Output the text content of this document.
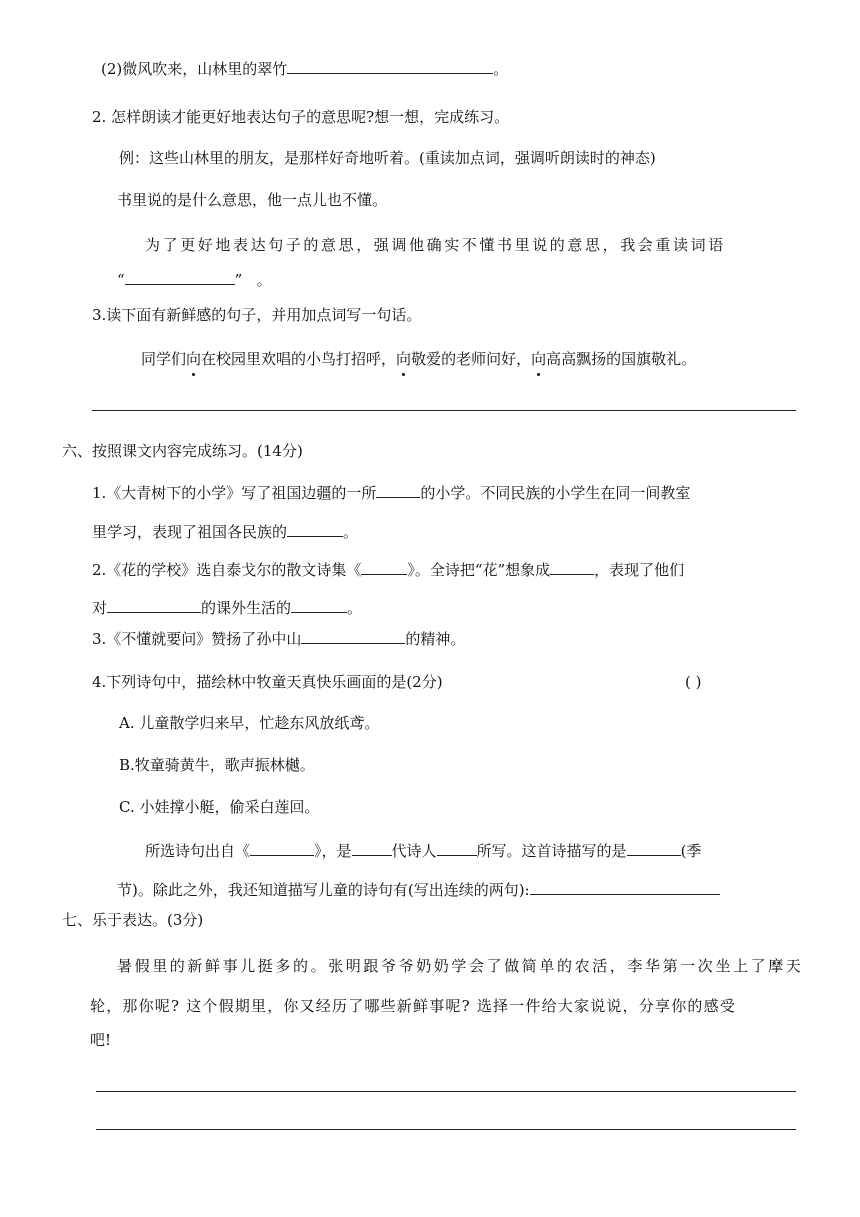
(2)微风吹来，山林里的翠竹	。
2. 怎样朗读才能更好地表达句子的意思呢?想一想，完成练习。
例：这些山林里的朋友，是那样好奇地听着。(重读加点词，强调听朗读时的神态)
书里说的是什么意思，他一点儿也不懂。
为了更好地表达句子的意思，强调他确实不懂书里说的意思，我会重读词语
“	” 。
3.读下面有新鲜感的句子，并用加点词写一句话。
同学们向在校园里欢唱的小鸟打招呼，向敬爱的老师问好，向高高飘扬的国旗敬礼。
六、按照课文内容完成练习。(14分)
1.《大青树下的小学》写了祖国边疆的一所	的小学。不同民族的小学生在同一间教室
里学习，表现了祖国各民族的	。
2.《花的学校》选自泰戈尔的散文诗集《	》。全诗把“花”想象成	，表现了他们
对	的课外生活的	。
3.《不懂就要问》赞扬了孙中山	的精神。
4.下列诗句中，描绘林中牧童天真快乐画面的是(2分)	( )
A. 儿童散学归来早，忙趁东风放纸鸢。
B.牧童骑黄牛，歌声振林樾。
C. 小娃撑小艇，偷采白莲回。
所选诗句出自《	》，是	代诗人	所写。这首诗描写的是	(季
节)。除此之外，我还知道描写儿童的诗句有(写出连续的两句):
七、乐于表达。(3分)
暑假里的新鲜事儿挺多的。张明跟爷爷奶奶学会了做简单的农活，李华第一次坐上了摩天
轮，那你呢? 这个假期里，你又经历了哪些新鲜事呢? 选择一件给大家说说，分享你的感受
吧!
